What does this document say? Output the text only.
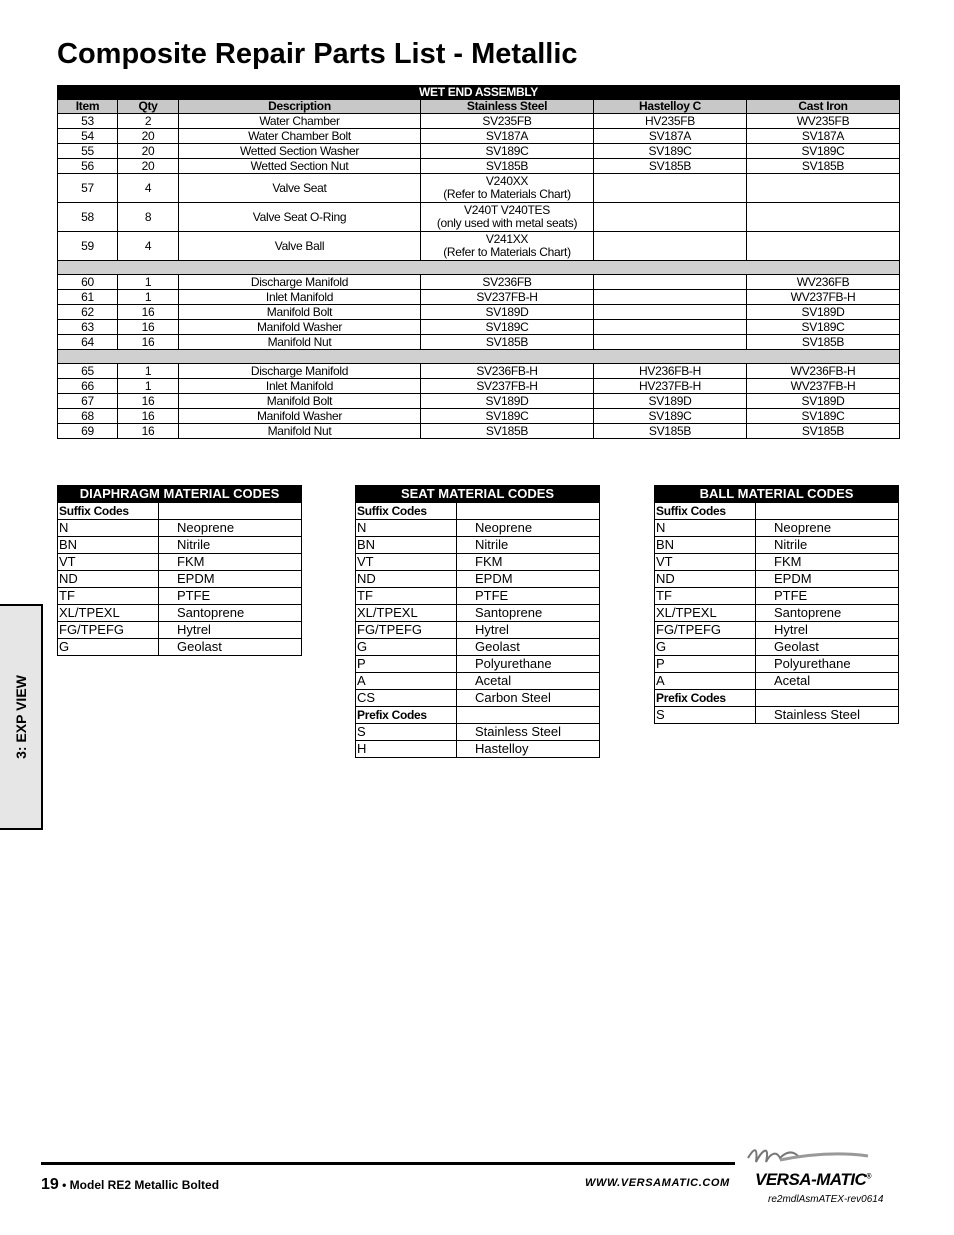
Composite Repair Parts List - Metallic
WET END ASSEMBLY					
Item	Qty	Description	Stainless Steel	Hastelloy C	Cast Iron
53	2	Water Chamber	SV235FB	HV235FB	WV235FB
54	20	Water Chamber Bolt	SV187A	SV187A	SV187A
55	20	Wetted Section Washer	SV189C	SV189C	SV189C
56	20	Wetted Section Nut	SV185B	SV185B	SV185B
57	4	Valve Seat	V240XX
(Refer to Materials Chart)		

58	8	Valve Seat O-Ring	V240T V240TES
(only used with metal seats)		

59	4	Valve Ball	V241XX
(Refer to Materials Chart)		

60	1	Discharge Manifold	SV236FB		WV236FB
61	1	Inlet Manifold	SV237FB-H		WV237FB-H
62	16	Manifold Bolt	SV189D		SV189D
63	16	Manifold Washer	SV189C		SV189C
64	16	Manifold Nut	SV185B		SV185B

65	1	Discharge Manifold	SV236FB-H	HV236FB-H	WV236FB-H
66	1	Inlet Manifold	SV237FB-H	HV237FB-H	WV237FB-H
67	16	Manifold Bolt	SV189D	SV189D	SV189D
68	16	Manifold Washer	SV189C	SV189C	SV189C
69	16	Manifold Nut	SV185B	SV185B	SV185B
DIAPHRAGM MATERIAL CODES	
Suffix Codes	
N	Neoprene
BN	Nitrile
VT	FKM
ND	EPDM
TF	PTFE
XL/TPEXL	Santoprene
FG/TPEFG	Hytrel
G	Geolast
SEAT MATERIAL CODES	
Suffix Codes	
N	Neoprene
BN	Nitrile
VT	FKM
ND	EPDM
TF	PTFE
XL/TPEXL	Santoprene
FG/TPEFG	Hytrel
G	Geolast
P	Polyurethane
A	Acetal
CS	Carbon Steel
Prefix Codes	
S	Stainless Steel
H	Hastelloy
BALL MATERIAL CODES	
Suffix Codes	
N	Neoprene
BN	Nitrile
VT	FKM
ND	EPDM
TF	PTFE
XL/TPEXL	Santoprene
FG/TPEFG	Hytrel
G	Geolast
P	Polyurethane
A	Acetal
Prefix Codes	
S	Stainless Steel
3: EXP VIEW
19 • Model RE2 Metallic Bolted	WWW.VERSAMATIC.COM VERSA-MATIC®
re2mdlAsmATEX-rev0614
